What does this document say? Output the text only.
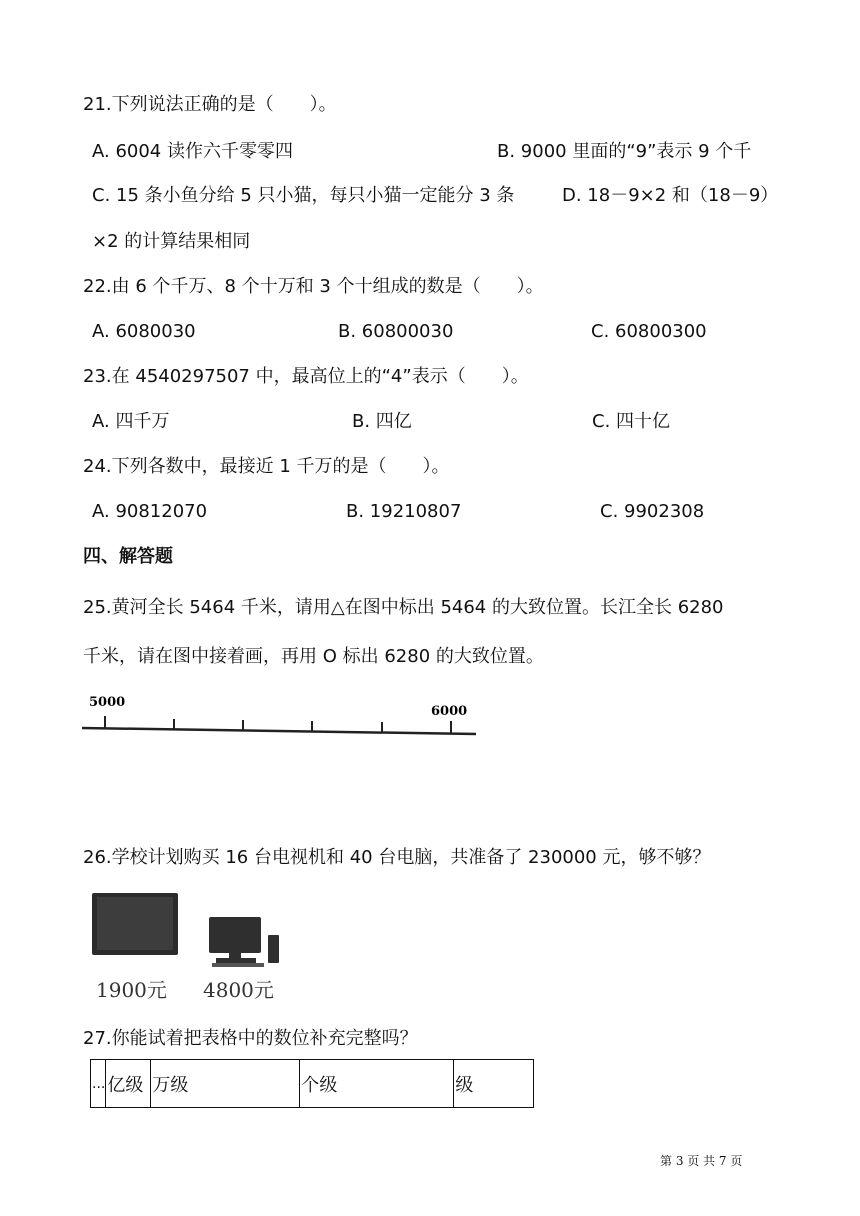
21.下列说法正确的是（　　）。
A. 6004 读作六千零零四	B. 9000 里面的“9”表示 9 个千
C. 15 条小鱼分给 5 只小猫，每只小猫一定能分 3 条	D. 18－9×2 和（18－9）
×2 的计算结果相同
22.由 6 个千万、8 个十万和 3 个十组成的数是（　　）。
A. 6080030	B. 60800030	C. 60800300
23.在 4540297507 中，最高位上的“4”表示（　　）。
A. 四千万	B. 四亿	C. 四十亿
24.下列各数中，最接近 1 千万的是（　　）。
A. 90812070	B. 19210807	C. 9902308
四、解答题
25.黄河全长 5464 千米，请用△在图中标出 5464 的大致位置。长江全长 6280
千米，请在图中接着画，再用 O 标出 6280 的大致位置。
5000
6000
26.学校计划购买 16 台电视机和 40 台电脑，共准备了 230000 元，够不够？
1900元 4800元
27.你能试着把表格中的数位补充完整吗？
...	亿级	万级	个级	级
第 3 页 共 7 页
